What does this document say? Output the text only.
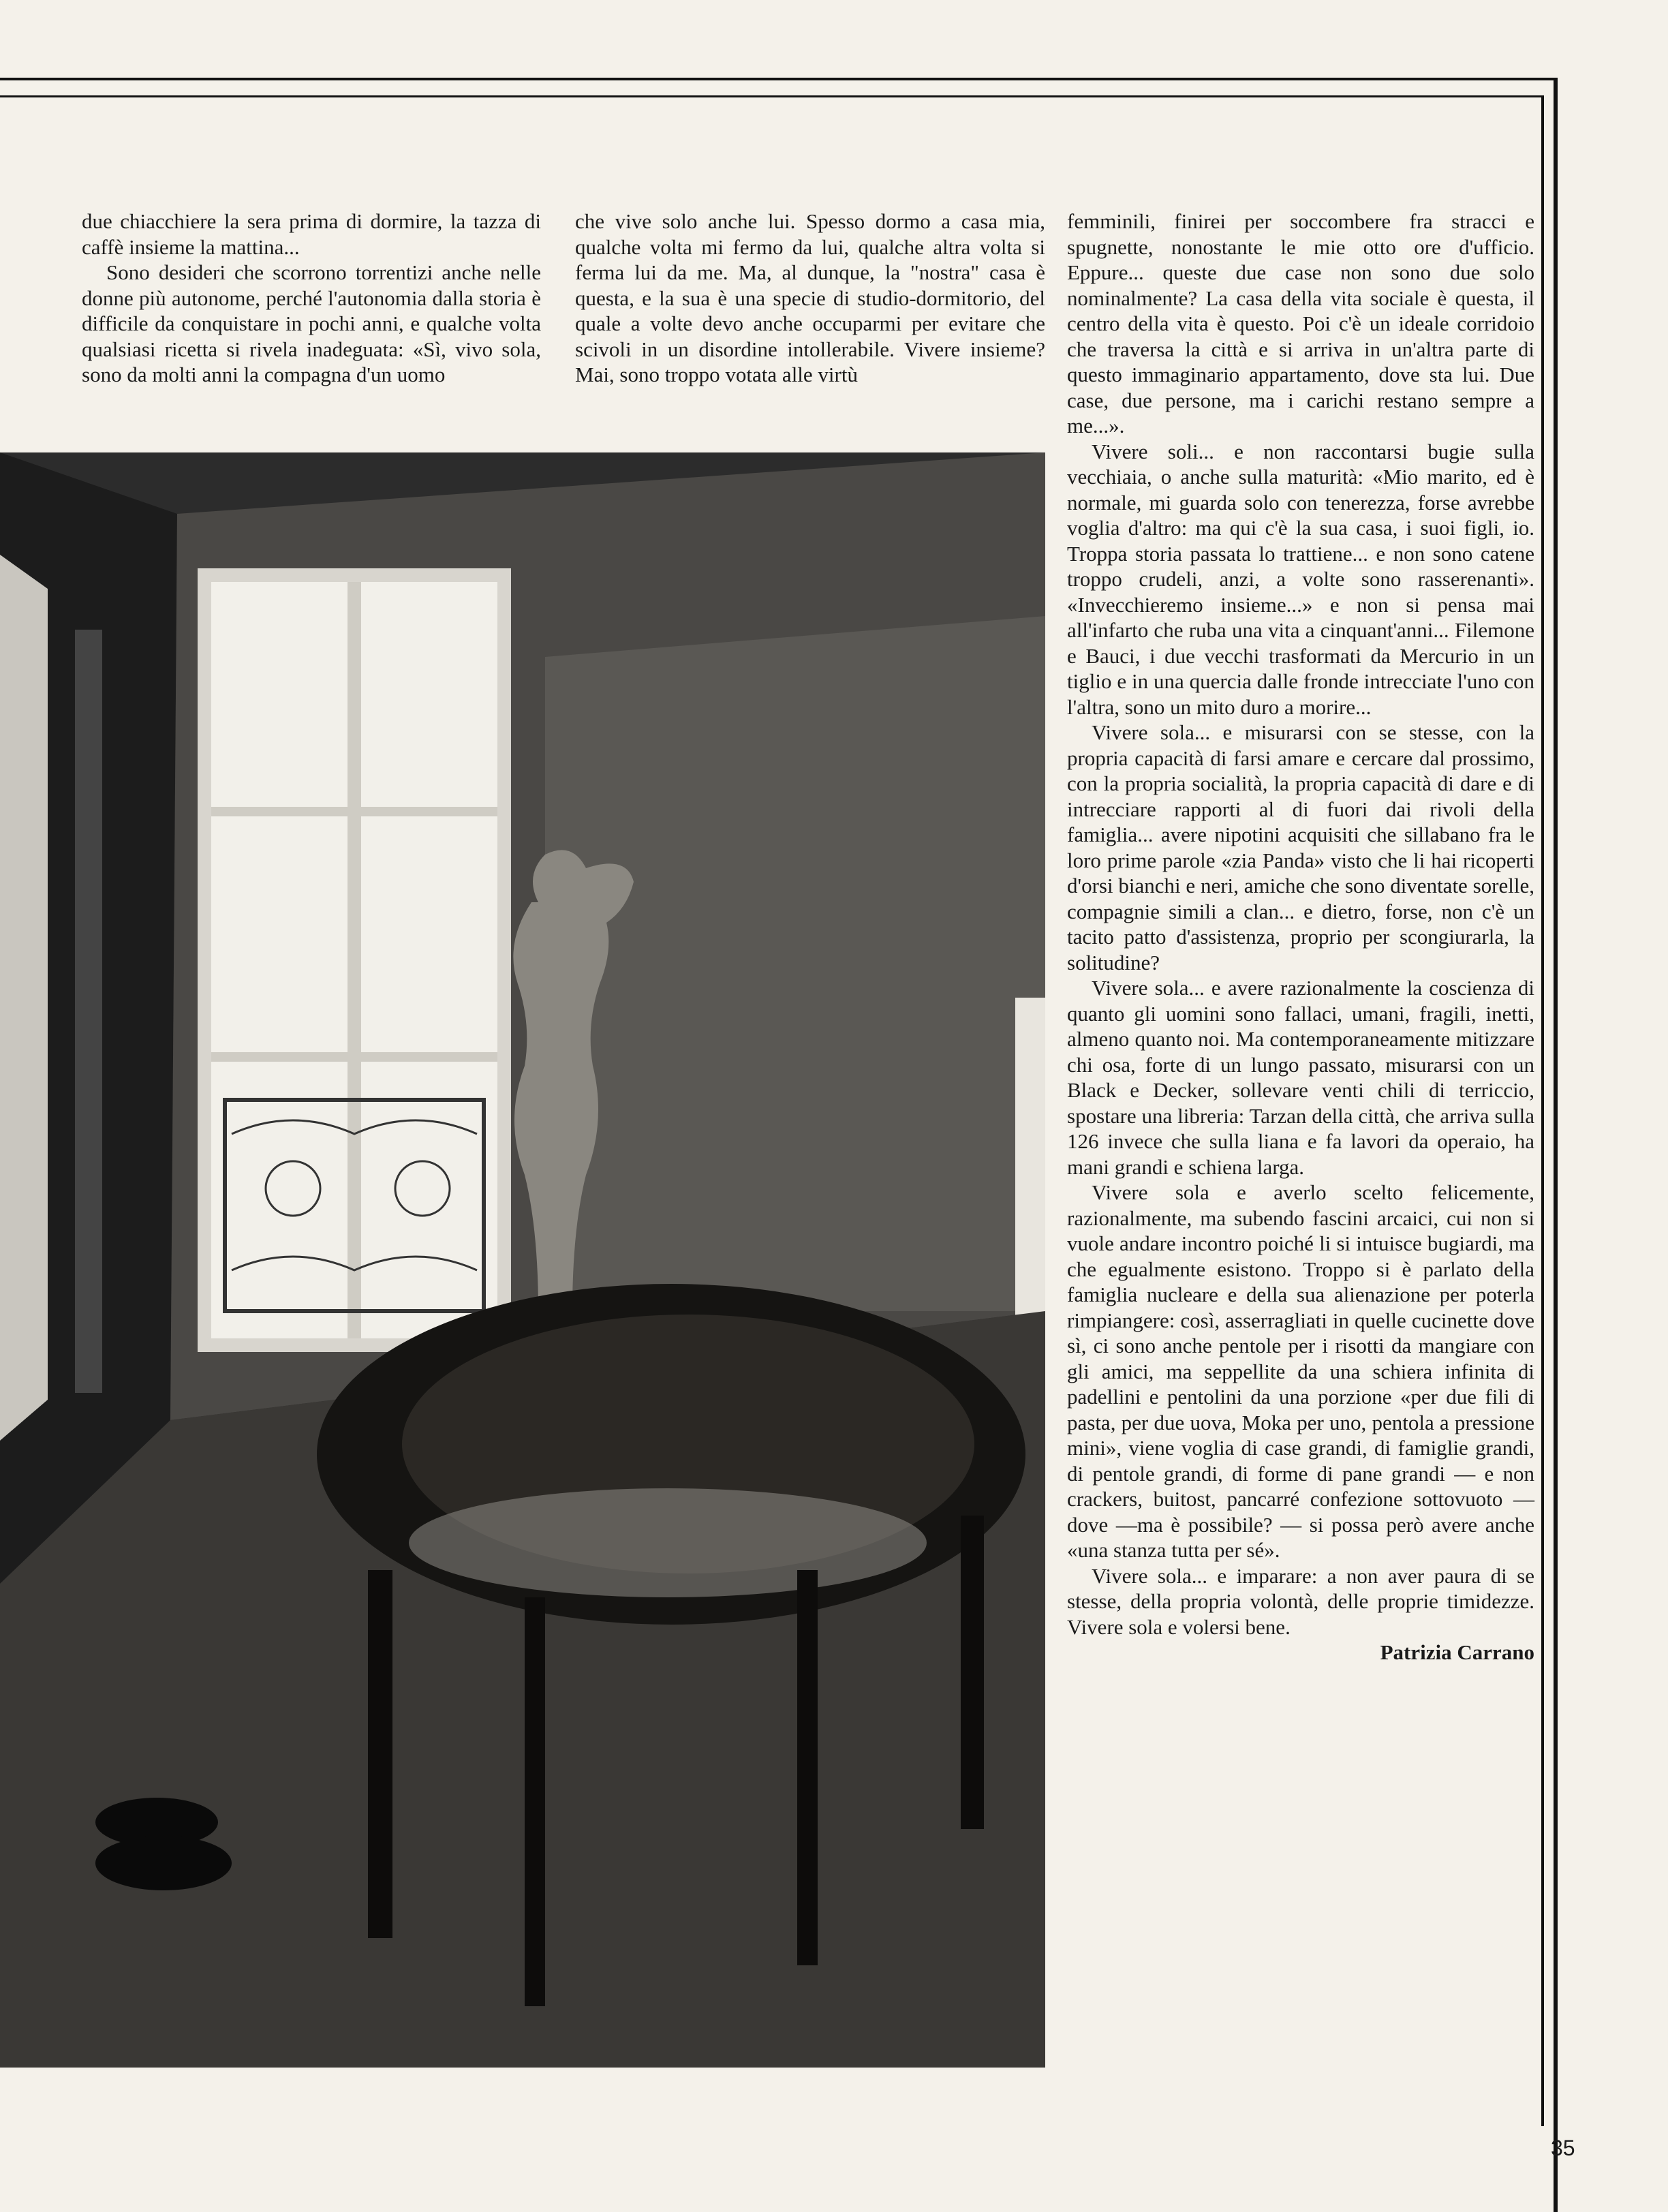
due chiacchiere la sera prima di dormire, la tazza di caffè insieme la mattina...

Sono desideri che scorrono torrentizi anche nelle donne più autonome, perché l'autonomia dalla storia è difficile da conquistare in pochi anni, e qualche volta qualsiasi ricetta si rivela inadeguata: «Sì, vivo sola, sono da molti anni la compagna d'un uomo

che vive solo anche lui. Spesso dormo a casa mia, qualche volta mi fermo da lui, qualche altra volta si ferma lui da me. Ma, al dunque, la "nostra" casa è questa, e la sua è una specie di studio-dormitorio, del quale a volte devo anche occuparmi per evitare che scivoli in un disordine intollerabile. Vivere insieme? Mai, sono troppo votata alle virtù

femminili, finirei per soccombere fra stracci e spugnette, nonostante le mie otto ore d'ufficio. Eppure... queste due case non sono due solo nominalmente? La casa della vita sociale è questa, il centro della vita è questo. Poi c'è un ideale corridoio che traversa la città e si arriva in un'altra parte di questo immaginario appartamento, dove sta lui. Due case, due persone, ma i carichi restano sempre a me...».

Vivere soli... e non raccontarsi bugie sulla vecchiaia, o anche sulla maturità: «Mio marito, ed è normale, mi guarda solo con tenerezza, forse avrebbe voglia d'altro: ma qui c'è la sua casa, i suoi figli, io. Troppa storia passata lo trattiene... e non sono catene troppo crudeli, anzi, a volte sono rasserenanti». «Invecchieremo insieme...» e non si pensa mai all'infarto che ruba una vita a cinquant'anni... Filemone e Bauci, i due vecchi trasformati da Mercurio in un tiglio e in una quercia dalle fronde intrecciate l'uno con l'altra, sono un mito duro a morire...

Vivere sola... e misurarsi con se stesse, con la propria capacità di farsi amare e cercare dal prossimo, con la propria socialità, la propria capacità di dare e di intrecciare rapporti al di fuori dai rivoli della famiglia... avere nipotini acquisiti che sillabano fra le loro prime parole «zia Panda» visto che li hai ricoperti d'orsi bianchi e neri, amiche che sono diventate sorelle, compagnie simili a clan... e dietro, forse, non c'è un tacito patto d'assistenza, proprio per scongiurarla, la solitudine?

Vivere sola... e avere razionalmente la coscienza di quanto gli uomini sono fallaci, umani, fragili, inetti, almeno quanto noi. Ma contemporaneamente mitizzare chi osa, forte di un lungo passato, misurarsi con un Black e Decker, sollevare venti chili di terriccio, spostare una libreria: Tarzan della città, che arriva sulla 126 invece che sulla liana e fa lavori da operaio, ha mani grandi e schiena larga.

Vivere sola e averlo scelto felicemente, razionalmente, ma subendo fascini arcaici, cui non si vuole andare incontro poiché li si intuisce bugiardi, ma che egualmente esistono. Troppo si è parlato della famiglia nucleare e della sua alienazione per poterla rimpiangere: così, asserragliati in quelle cucinette dove sì, ci sono anche pentole per i risotti da mangiare con gli amici, ma seppellite da una schiera infinita di padellini e pentolini da una porzione «per due fili di pasta, per due uova, Moka per uno, pentola a pressione mini», viene voglia di case grandi, di famiglie grandi, di pentole grandi, di forme di pane grandi — e non crackers, buitost, pancarré confezione sottovuoto — dove —ma è possibile? — si possa però avere anche «una stanza tutta per sé».

Vivere sola... e imparare: a non aver paura di se stesse, della propria volontà, delle proprie timidezze. Vivere sola e volersi bene.
Patrizia Carrano
35
